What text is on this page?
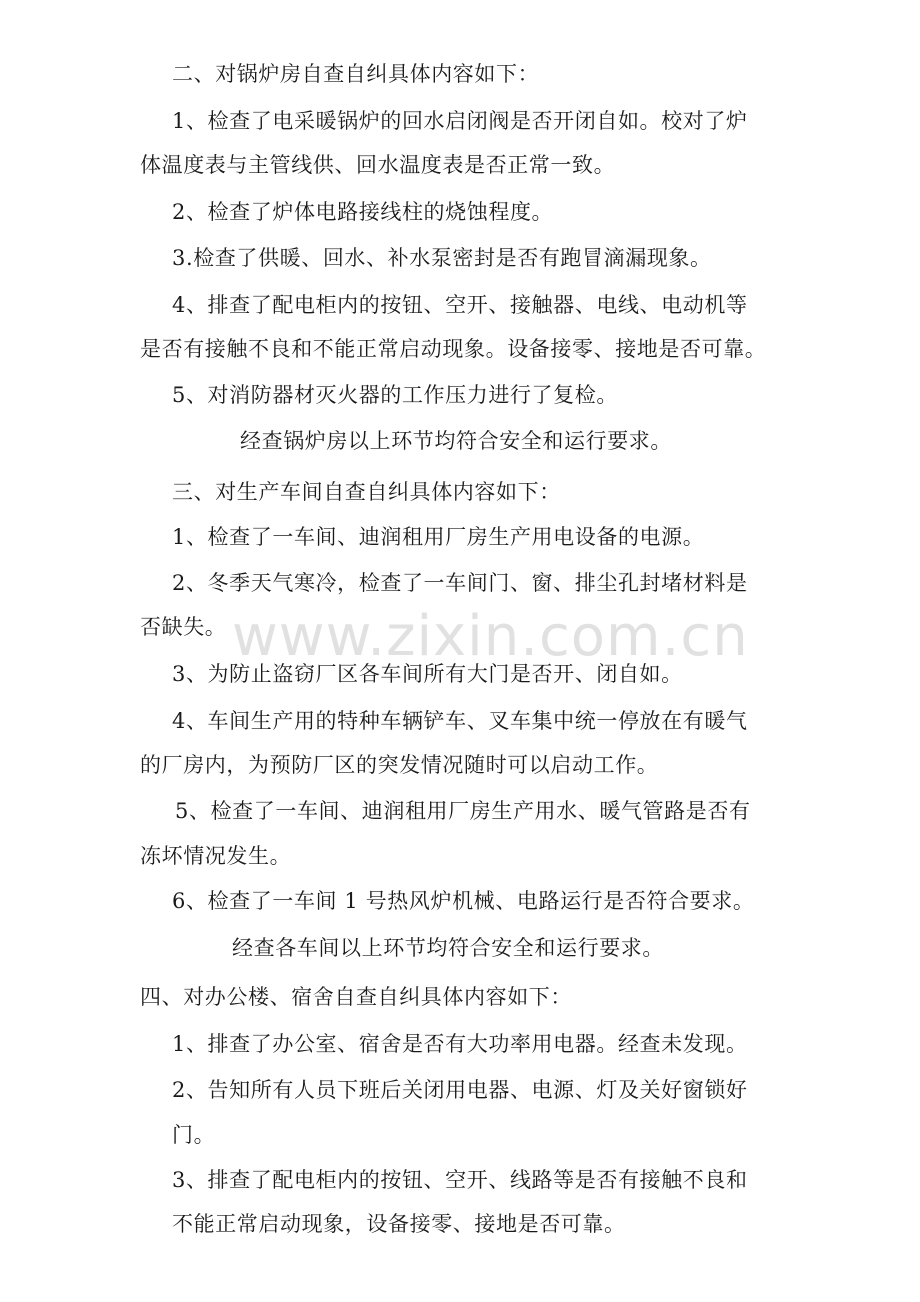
二、对锅炉房自查自纠具体内容如下：
1、检查了电采暖锅炉的回水启闭阀是否开闭自如。校对了炉
体温度表与主管线供、回水温度表是否正常一致。
2、检查了炉体电路接线柱的烧蚀程度。
3.检查了供暖、回水、补水泵密封是否有跑冒滴漏现象。
4、排查了配电柜内的按钮、空开、接触器、电线、电动机等
是否有接触不良和不能正常启动现象。设备接零、接地是否可靠。
5、对消防器材灭火器的工作压力进行了复检。
经查锅炉房以上环节均符合安全和运行要求。
三、对生产车间自查自纠具体内容如下：
1、检查了一车间、迪润租用厂房生产用电设备的电源。
2、冬季天气寒冷，检查了一车间门、窗、排尘孔封堵材料是
否缺失。
3、为防止盗窃厂区各车间所有大门是否开、闭自如。
4、车间生产用的特种车辆铲车、叉车集中统一停放在有暖气
的厂房内，为预防厂区的突发情况随时可以启动工作。
5、检查了一车间、迪润租用厂房生产用水、暖气管路是否有
冻坏情况发生。
6、检查了一车间 1 号热风炉机械、电路运行是否符合要求。
经查各车间以上环节均符合安全和运行要求。
四、对办公楼、宿舍自查自纠具体内容如下：
1、排查了办公室、宿舍是否有大功率用电器。经查未发现。
2、告知所有人员下班后关闭用电器、电源、灯及关好窗锁好
门。
3、排查了配电柜内的按钮、空开、线路等是否有接触不良和
不能正常启动现象，设备接零、接地是否可靠。
www.zixin.com.cn
